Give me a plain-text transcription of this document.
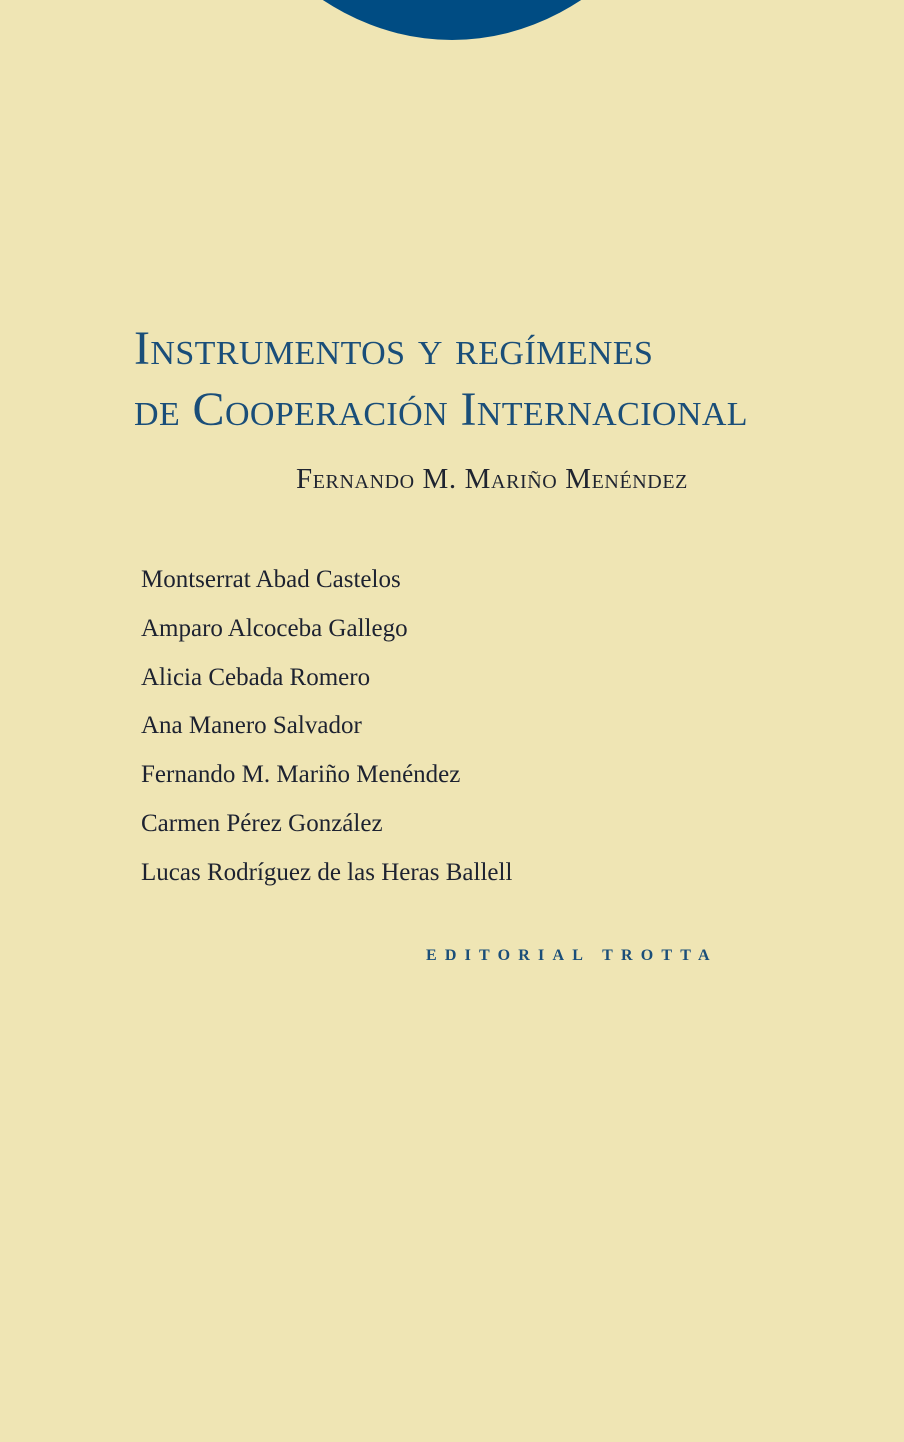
Instrumentos y regímenes
de Cooperación Internacional
Fernando M. Mariño Menéndez
Montserrat Abad Castelos
Amparo Alcoceba Gallego
Alicia Cebada Romero
Ana Manero Salvador
Fernando M. Mariño Menéndez
Carmen Pérez González
Lucas Rodríguez de las Heras Ballell
EDITORIAL TROTTA
